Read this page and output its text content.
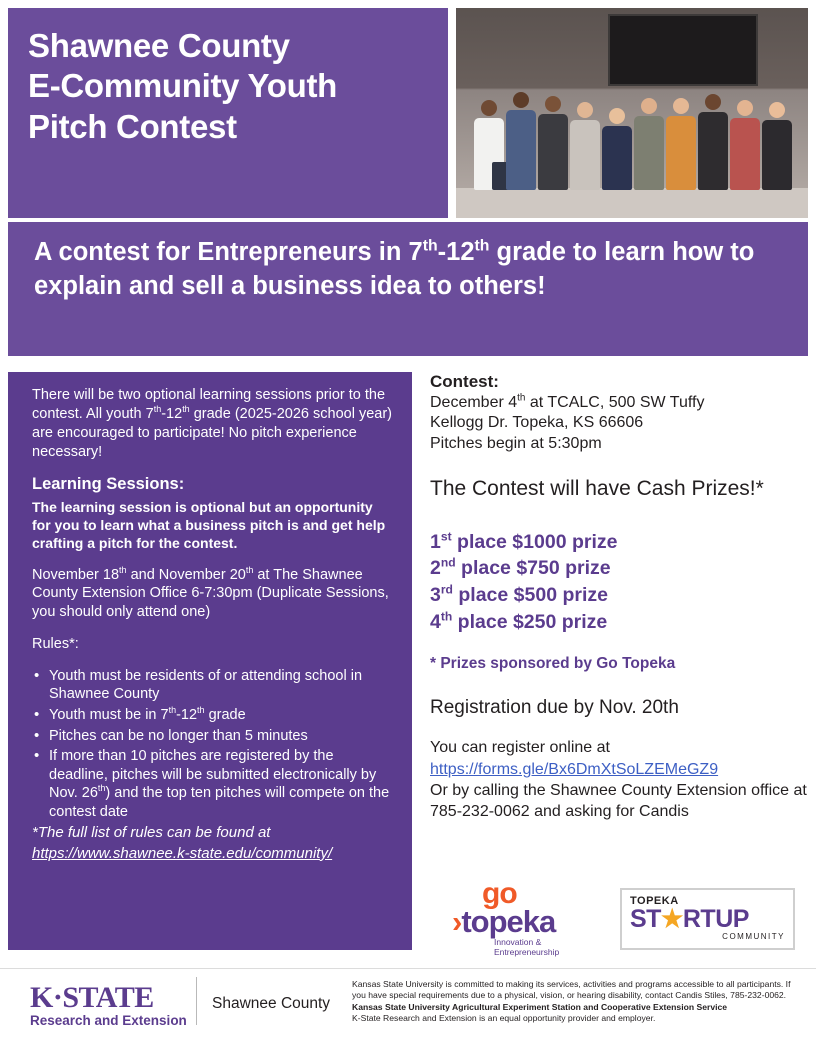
Shawnee County
E-Community Youth
Pitch Contest

A contest for Entrepreneurs in 7th-12th grade to learn how to explain and sell a business idea to others!

There will be two optional learning sessions prior to the contest. All youth 7th-12th grade (2025-2026 school year) are encouraged to participate! No pitch experience necessary!

Learning Sessions:

The learning session is optional but an opportunity for you to learn what a business pitch is and get help crafting a pitch for the contest.

November 18th and November 20th at The Shawnee County Extension Office 6-7:30pm (Duplicate Sessions, you should only attend one)

Rules*:

• Youth must be residents of or attending school in Shawnee County
• Youth must be in 7th-12th grade
• Pitches can be no longer than 5 minutes
• If more than 10 pitches are registered by the deadline, pitches will be submitted electronically by Nov. 26th) and the top ten pitches will compete on the contest date

*The full list of rules can be found at
https://www.shawnee.k-state.edu/community/

Contest:

December 4th at TCALC, 500 SW Tuffy
Kellogg Dr. Topeka, KS 66606
Pitches begin at 5:30pm

The Contest will have Cash Prizes!*

1st place $1000 prize
2nd place $750 prize
3rd place $500 prize
4th place $250 prize

* Prizes sponsored by Go Topeka

Registration due by Nov. 20th

You can register online at
https://forms.gle/Bx6DmXtSoLZEMeGZ9
Or by calling the Shawnee County Extension office at 785-232-0062 and asking for Candis

go
›topeka
Innovation &
Entrepreneurship
TOPEKA
ST★RTUP
COMMUNITY
K·STATE
Research and Extension
Shawnee County
Kansas State University is committed to making its services, activities and programs accessible to all participants. If you have special requirements due to a physical, vision, or hearing disability, contact Candis Stiles, 785-232-0062.
Kansas State University Agricultural Experiment Station and Cooperative Extension Service
K-State Research and Extension is an equal opportunity provider and employer.
